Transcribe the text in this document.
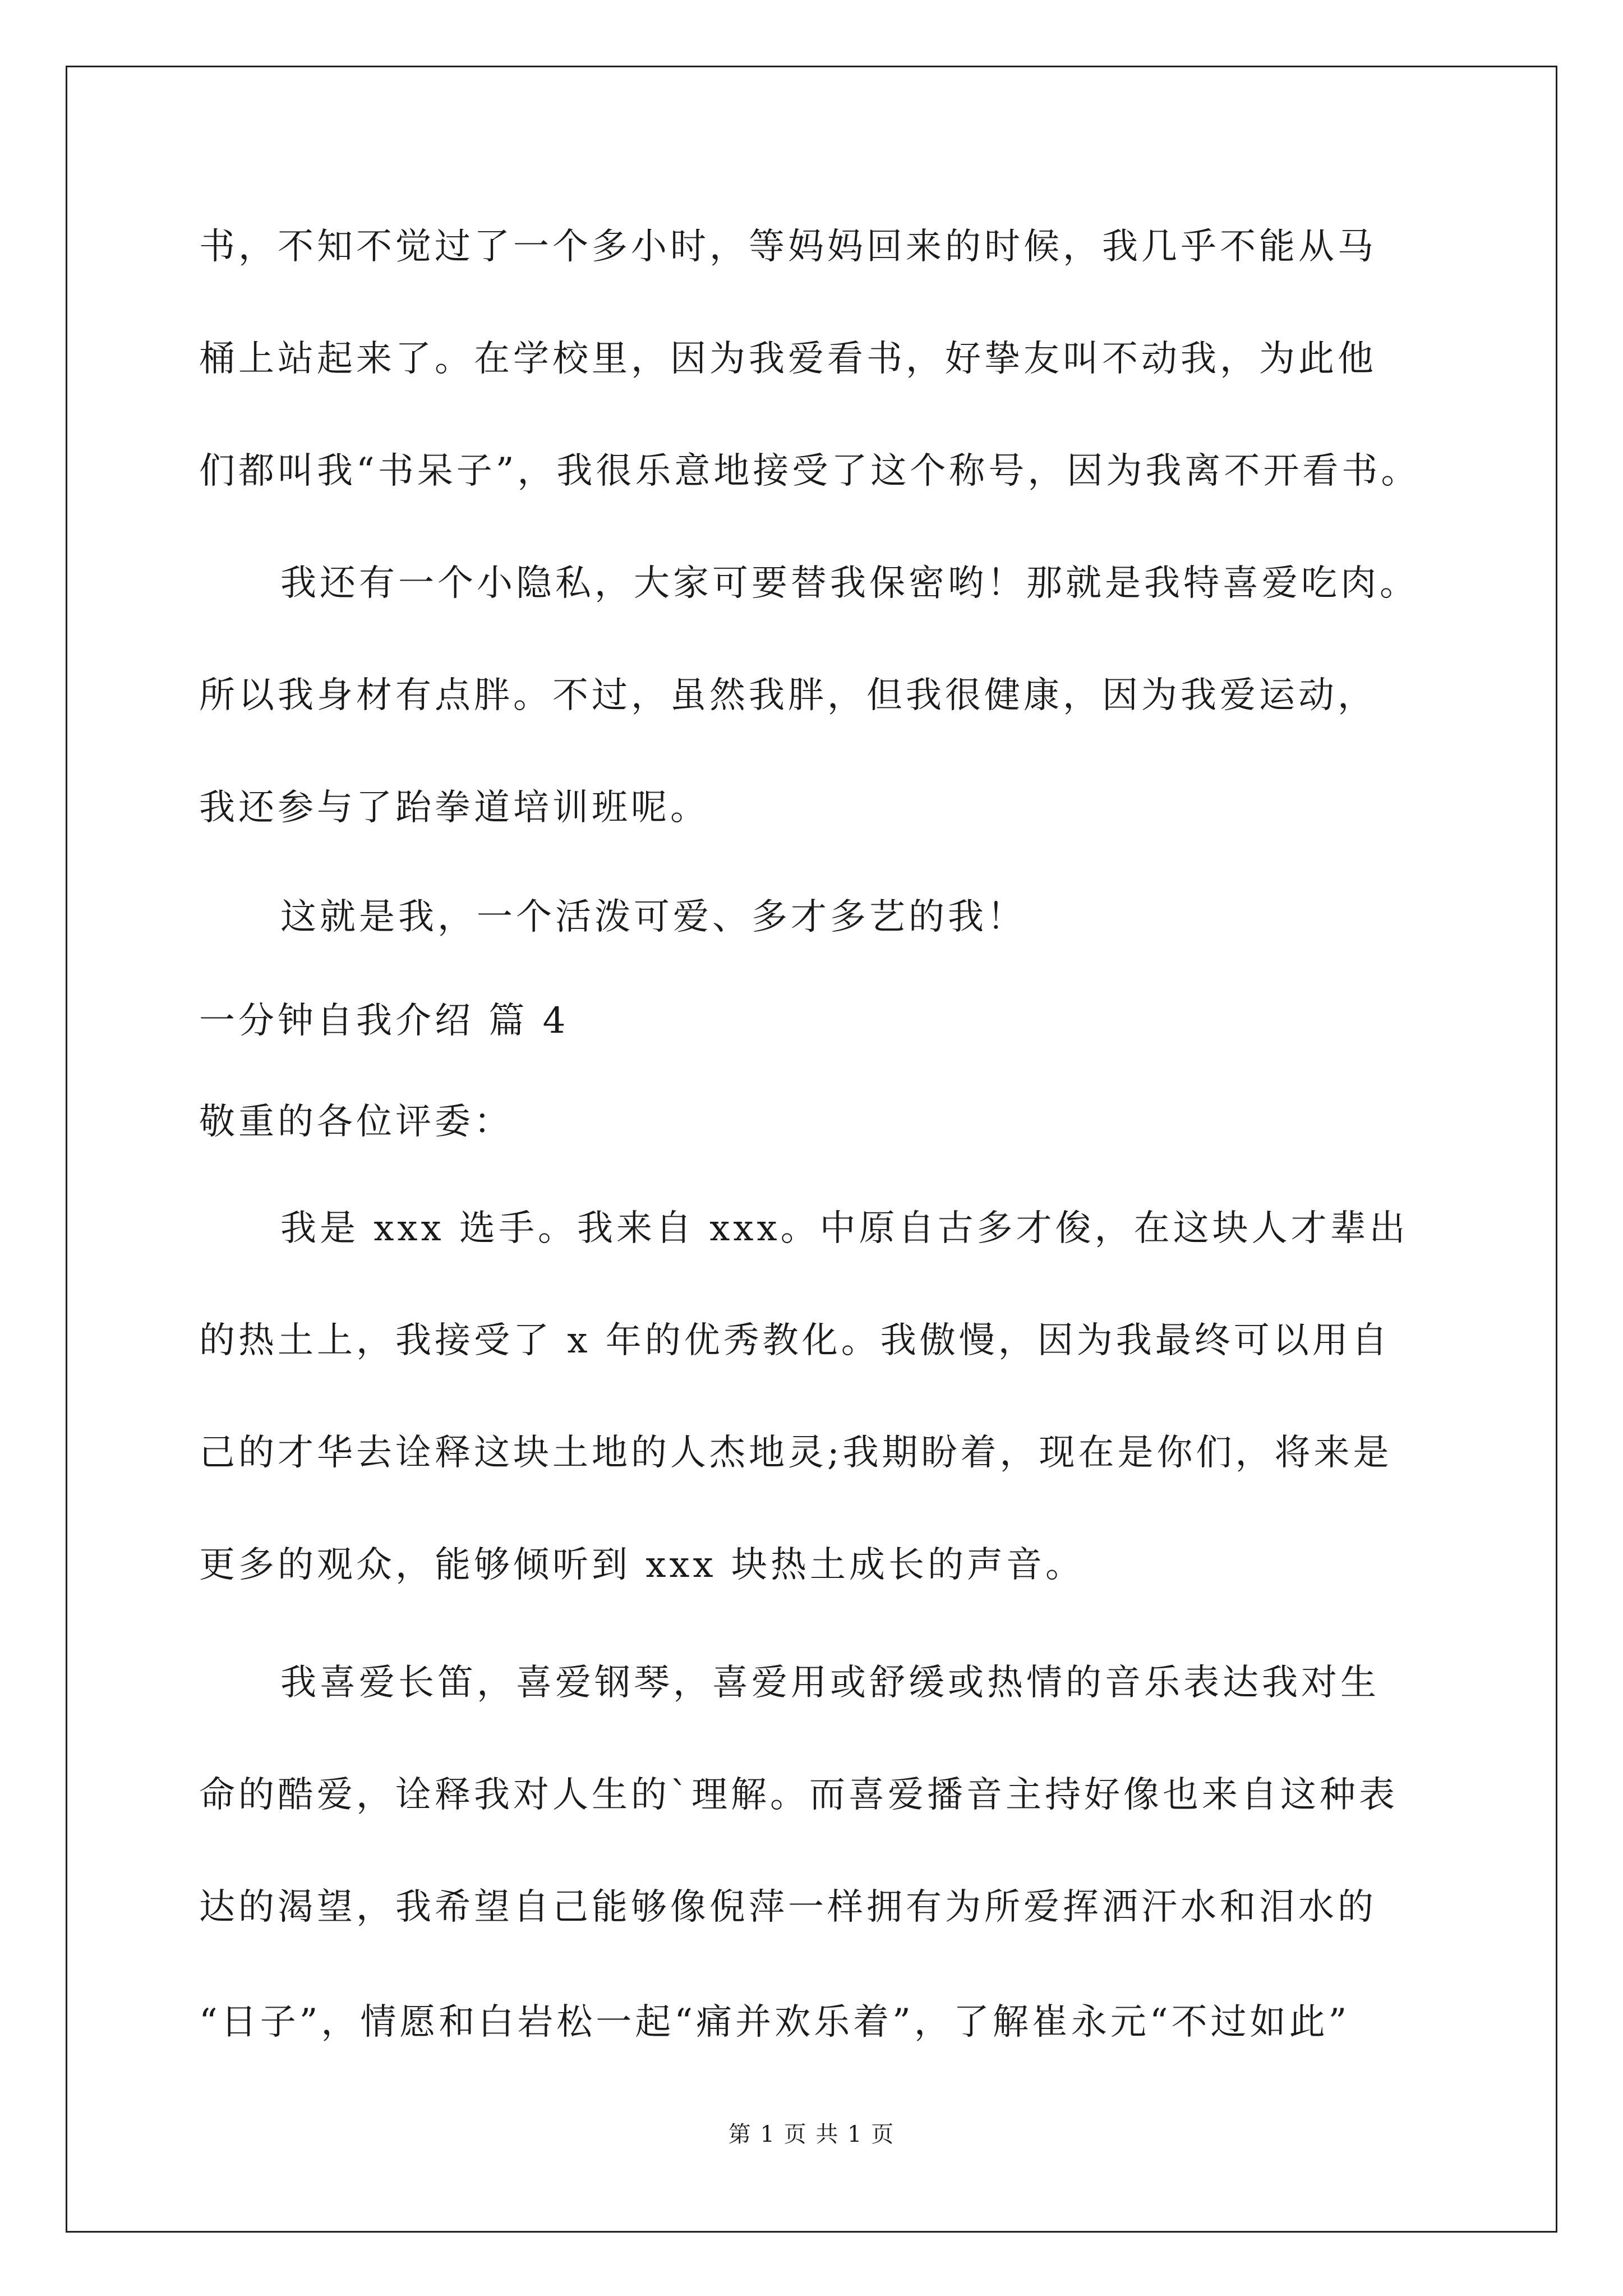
书，不知不觉过了一个多小时，等妈妈回来的时候，我几乎不能从马
桶上站起来了。在学校里，因为我爱看书，好挚友叫不动我，为此他
们都叫我“书呆子”，我很乐意地接受了这个称号，因为我离不开看书。
我还有一个小隐私，大家可要替我保密哟！那就是我特喜爱吃肉。
所以我身材有点胖。不过，虽然我胖，但我很健康，因为我爱运动，
我还参与了跆拳道培训班呢。
这就是我，一个活泼可爱、多才多艺的我！
一分钟自我介绍 篇 4
敬重的各位评委：
我是 xxx 选手。我来自 xxx。中原自古多才俊，在这块人才辈出
的热土上，我接受了 x 年的优秀教化。我傲慢，因为我最终可以用自
己的才华去诠释这块土地的人杰地灵;我期盼着，现在是你们，将来是
更多的观众，能够倾听到 xxx 块热土成长的声音。
我喜爱长笛，喜爱钢琴，喜爱用或舒缓或热情的音乐表达我对生
命的酷爱，诠释我对人生的`理解。而喜爱播音主持好像也来自这种表
达的渴望，我希望自己能够像倪萍一样拥有为所爱挥洒汗水和泪水的
“日子”，情愿和白岩松一起“痛并欢乐着”，了解崔永元“不过如此”
第 1 页 共 1 页
